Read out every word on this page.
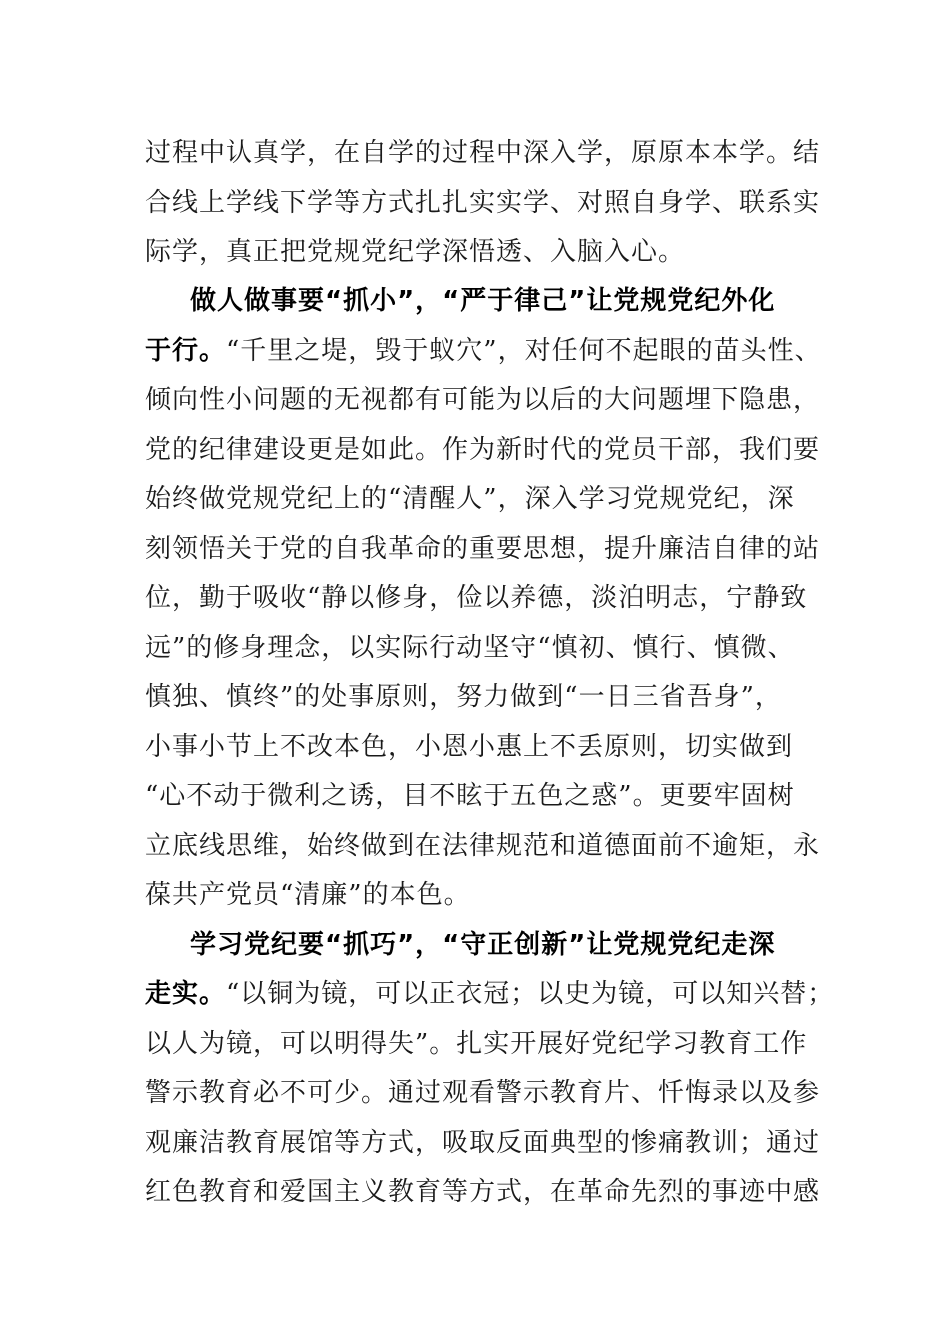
过程中认真学，在自学的过程中深入学，原原本本学。结
合线上学线下学等方式扎扎实实学、对照自身学、联系实
际学，真正把党规党纪学深悟透、入脑入心。
做人做事要“抓小”，“严于律己”让党规党纪外化
于行。“千里之堤，毁于蚁穴”，对任何不起眼的苗头性、
倾向性小问题的无视都有可能为以后的大问题埋下隐患，
党的纪律建设更是如此。作为新时代的党员干部，我们要
始终做党规党纪上的“清醒人”，深入学习党规党纪，深
刻领悟关于党的自我革命的重要思想，提升廉洁自律的站
位，勤于吸收“静以修身，俭以养德，淡泊明志，宁静致
远”的修身理念，以实际行动坚守“慎初、慎行、慎微、
慎独、慎终”的处事原则，努力做到“一日三省吾身”，
小事小节上不改本色，小恩小惠上不丢原则，切实做到
“心不动于微利之诱，目不眩于五色之惑”。更要牢固树
立底线思维，始终做到在法律规范和道德面前不逾矩，永
葆共产党员“清廉”的本色。
学习党纪要“抓巧”，“守正创新”让党规党纪走深
走实。“以铜为镜，可以正衣冠；以史为镜，可以知兴替；
以人为镜，可以明得失”。扎实开展好党纪学习教育工作
警示教育必不可少。通过观看警示教育片、忏悔录以及参
观廉洁教育展馆等方式，吸取反面典型的惨痛教训；通过
红色教育和爱国主义教育等方式，在革命先烈的事迹中感
